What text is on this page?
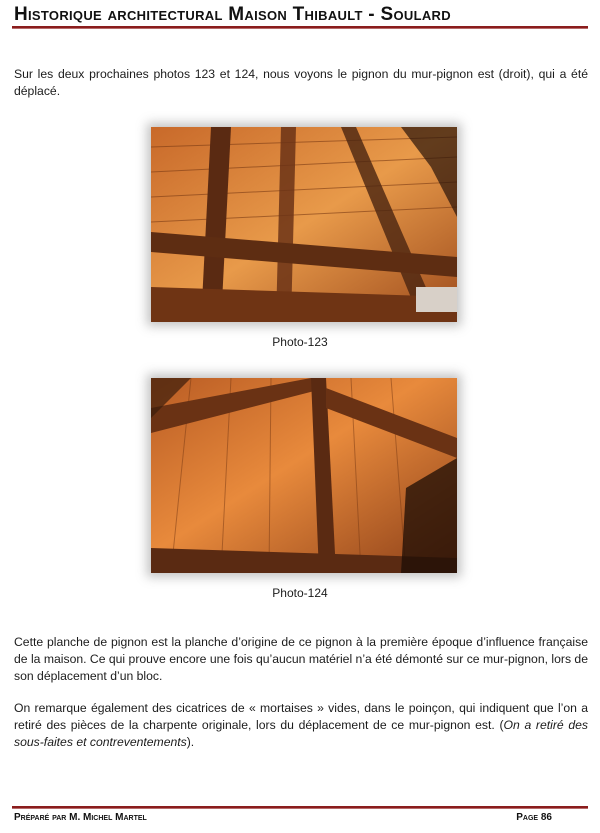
Historique architectural Maison Thibault - Soulard
Sur les deux prochaines photos 123 et 124, nous voyons le pignon du mur-pignon est (droit), qui a été déplacé.
Photo-123
Photo-124
Cette planche de pignon est la planche d’origine de ce pignon à la première époque d’influence française de la maison. Ce qui prouve encore une fois qu’aucun matériel n’a été démonté sur ce mur-pignon, lors de son déplacement d’un bloc.
On remarque également des cicatrices de « mortaises » vides, dans le poinçon, qui indiquent que l’on a retiré des pièces de la charpente originale, lors du déplacement de ce mur-pignon est. (On a retiré des sous-faites et contreventements).
Préparé par M. Michel Martel	Page 86
